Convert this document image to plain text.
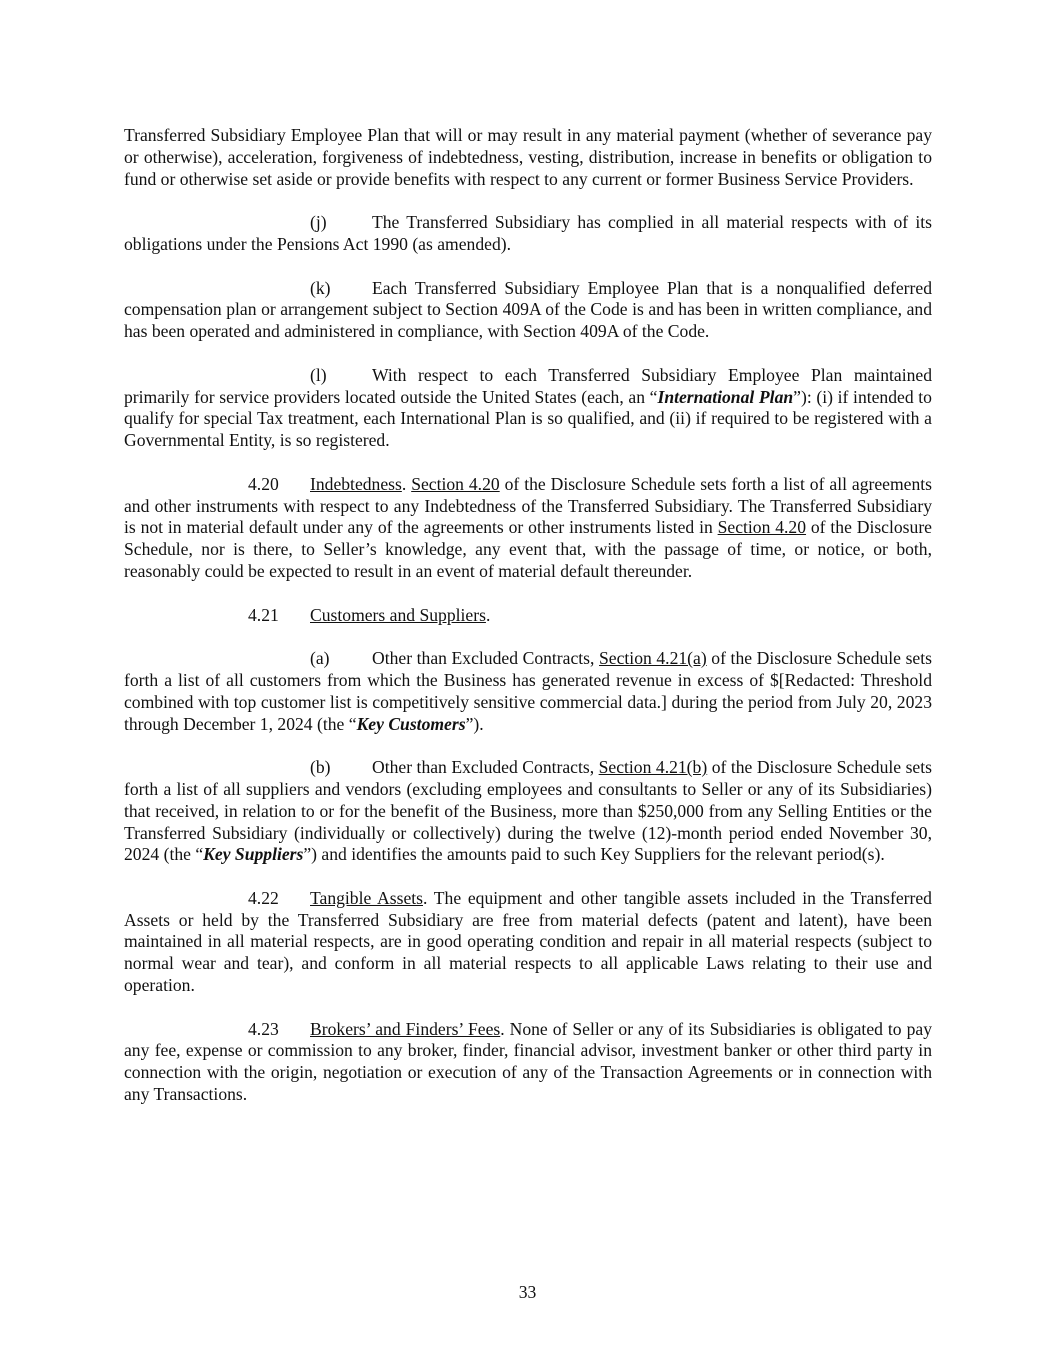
Transferred Subsidiary Employee Plan that will or may result in any material payment (whether of severance pay or otherwise), acceleration, forgiveness of indebtedness, vesting, distribution, increase in benefits or obligation to fund or otherwise set aside or provide benefits with respect to any current or former Business Service Providers.

(j)	The Transferred Subsidiary has complied in all material respects with of its obligations under the Pensions Act 1990 (as amended).

(k) Each Transferred Subsidiary Employee Plan that is a nonqualified deferred compensation plan or arrangement subject to Section 409A of the Code is and has been in written compliance, and has been operated and administered in compliance, with Section 409A of the Code.

(l)	With respect to each Transferred Subsidiary Employee Plan maintained primarily for service providers located outside the United States (each, an “International Plan”): (i) if intended to qualify for special Tax treatment, each International Plan is so qualified, and (ii) if required to be registered with a Governmental Entity, is so registered.

4.20 Indebtedness. Section 4.20 of the Disclosure Schedule sets forth a list of all agreements and other instruments with respect to any Indebtedness of the Transferred Subsidiary. The Transferred Subsidiary is not in material default under any of the agreements or other instruments listed in Section 4.20 of the Disclosure Schedule, nor is there, to Seller’s knowledge, any event that, with the passage of time, or notice, or both, reasonably could be expected to result in an event of material default thereunder.

4.21 Customers and Suppliers.

(a) Other than Excluded Contracts, Section 4.21(a) of the Disclosure Schedule sets forth a list of all customers from which the Business has generated revenue in excess of $[Redacted: Threshold combined with top customer list is competitively sensitive commercial data.] during the period from July 20, 2023 through December 1, 2024 (the “Key Customers”).

(b) Other than Excluded Contracts, Section 4.21(b) of the Disclosure Schedule sets forth a list of all suppliers and vendors (excluding employees and consultants to Seller or any of its Subsidiaries) that received, in relation to or for the benefit of the Business, more than $250,000 from any Selling Entities or the Transferred Subsidiary (individually or collectively) during the twelve (12)-month period ended November 30, 2024 (the “Key Suppliers”) and identifies the amounts paid to such Key Suppliers for the relevant period(s).

4.22 Tangible Assets. The equipment and other tangible assets included in the Transferred Assets or held by the Transferred Subsidiary are free from material defects (patent and latent), have been maintained in all material respects, are in good operating condition and repair in all material respects (subject to normal wear and tear), and conform in all material respects to all applicable Laws relating to their use and operation.

4.23 Brokers’ and Finders’ Fees. None of Seller or any of its Subsidiaries is obligated to pay any fee, expense or commission to any broker, finder, financial advisor, investment banker or other third party in connection with the origin, negotiation or execution of any of the Transaction Agreements or in connection with any Transactions.

33
